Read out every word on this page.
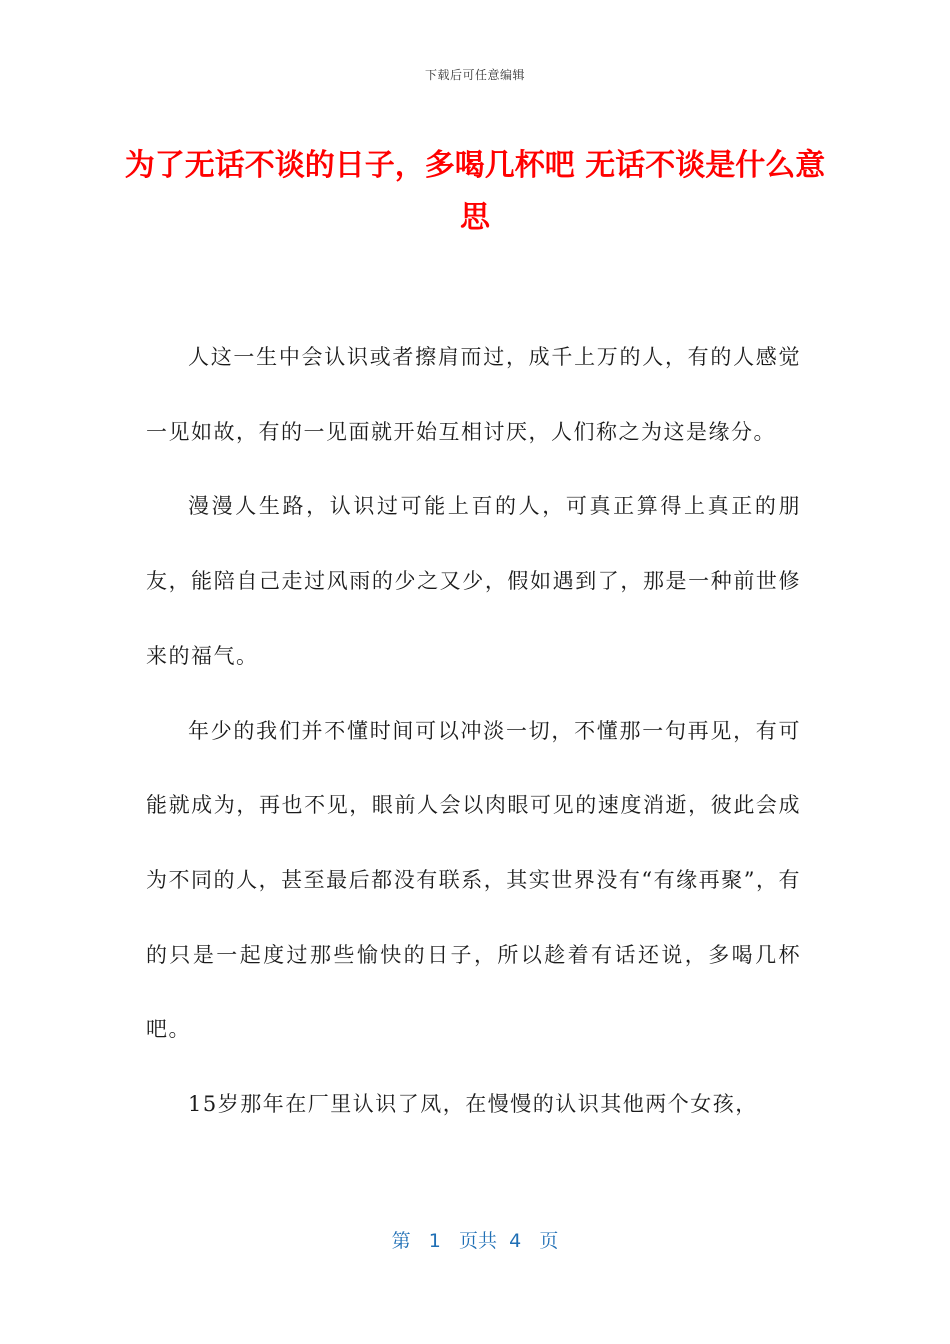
下载后可任意编辑
为了无话不谈的日子，多喝几杯吧 无话不谈是什么意思

人这一生中会认识或者擦肩而过，成千上万的人，有的人感觉一见如故，有的一见面就开始互相讨厌，人们称之为这是缘分。

漫漫人生路，认识过可能上百的人，可真正算得上真正的朋友，能陪自己走过风雨的少之又少，假如遇到了，那是一种前世修来的福气。

年少的我们并不懂时间可以冲淡一切，不懂那一句再见，有可能就成为，再也不见，眼前人会以肉眼可见的速度消逝，彼此会成为不同的人，甚至最后都没有联系，其实世界没有“有缘再聚”，有的只是一起度过那些愉快的日子，所以趁着有话还说，多喝几杯吧。

15岁那年在厂里认识了凤，在慢慢的认识其他两个女孩，

第 1 页共 4 页
